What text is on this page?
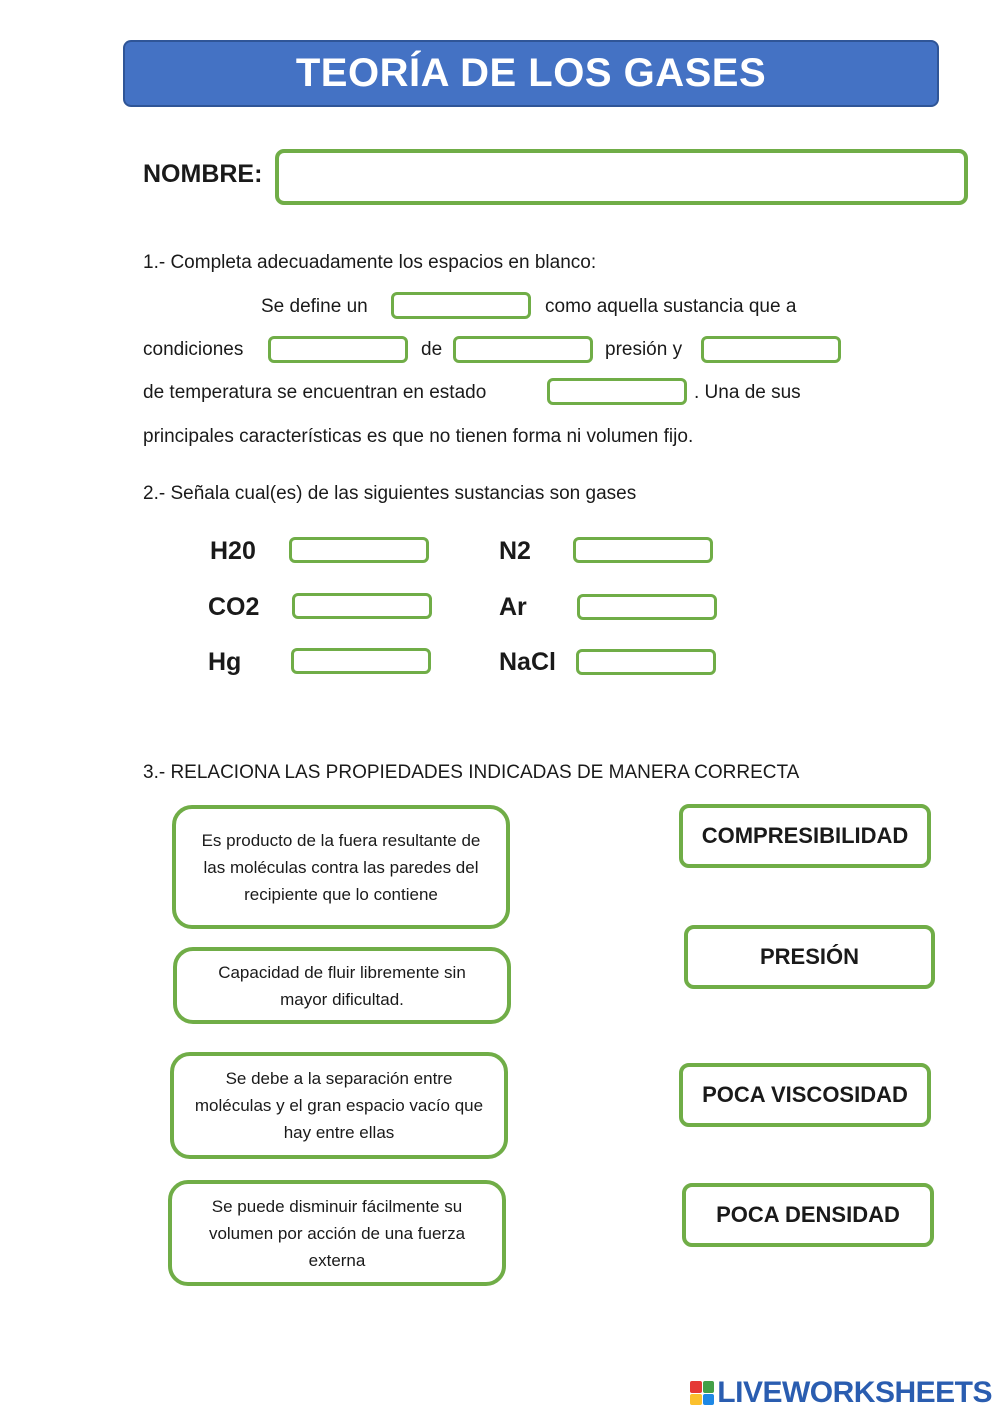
TEORÍA DE LOS GASES
NOMBRE:
1.- Completa adecuadamente los espacios en blanco:
Se define un	como aquella sustancia que a
condiciones	de	presión y
de temperatura se encuentran en estado	. Una de sus
principales características es que no tienen forma ni volumen fijo.
2.- Señala cual(es) de las siguientes sustancias son gases
H20	N2
CO2	Ar
Hg	NaCl
3.- RELACIONA LAS PROPIEDADES INDICADAS DE MANERA CORRECTA
Es producto de la fuera resultante de las moléculas contra las paredes del recipiente que lo contiene
Capacidad de fluir libremente sin mayor dificultad.
Se debe a la separación entre moléculas y el gran espacio vacío que hay entre ellas
Se puede disminuir fácilmente su volumen por acción de una fuerza externa
COMPRESIBILIDAD
PRESIÓN
POCA VISCOSIDAD
POCA DENSIDAD
LIVEWORKSHEETS
